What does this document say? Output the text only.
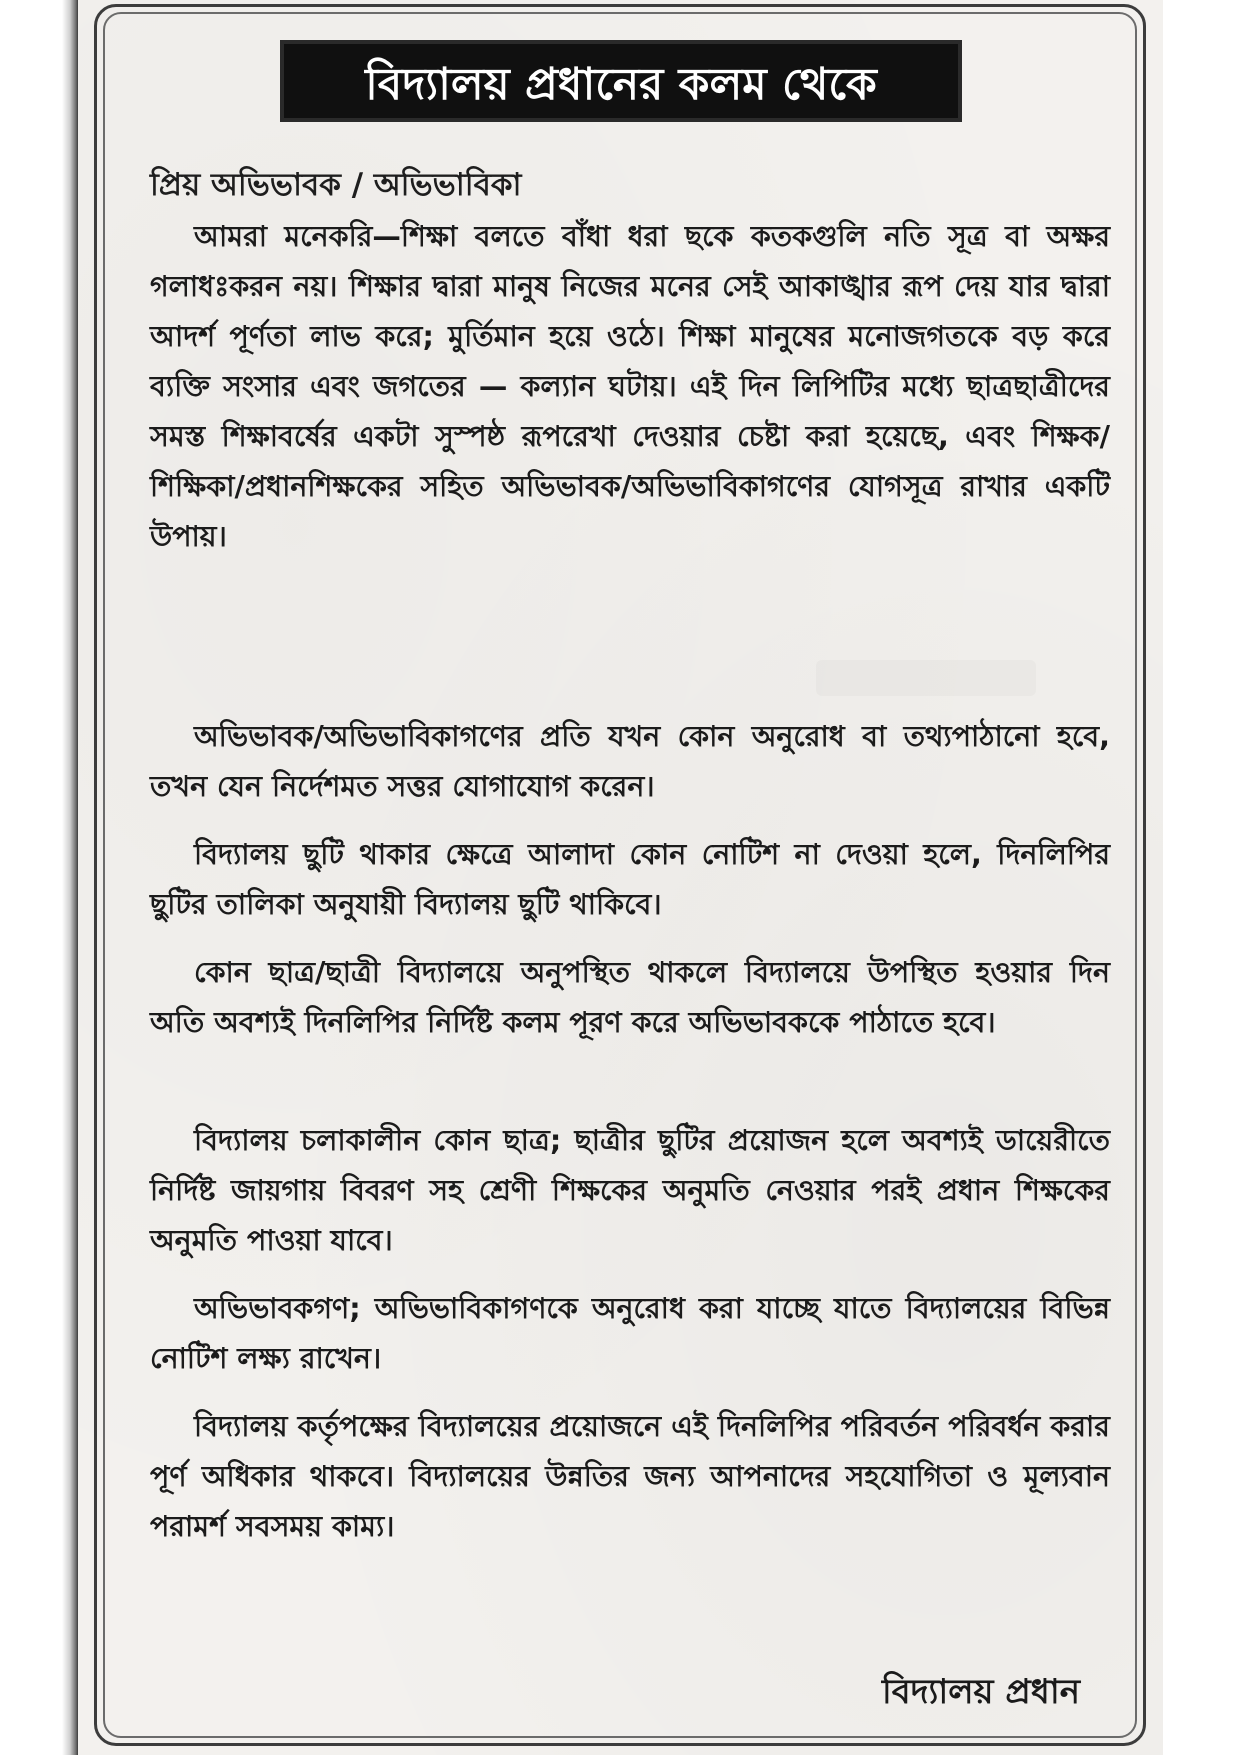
বিদ্যালয় প্রধানের কলম থেকে
প্রিয় অভিভাবক / অভিভাবিকা

আমরা মনেকরি—শিক্ষা বলতে বাঁধা ধরা ছকে কতকগুলি নতি সূত্র বা অক্ষর গলাধঃকরন নয়। শিক্ষার দ্বারা মানুষ নিজের মনের সেই আকাঙ্খার রূপ দেয় যার দ্বারা আদর্শ পূর্ণতা লাভ করে; মুর্তিমান হয়ে ওঠে। শিক্ষা মানুষের মনোজগতকে বড় করে ব্যক্তি সংসার এবং জগতের — কল্যান ঘটায়। এই দিন লিপিটির মধ্যে ছাত্রছাত্রীদের সমস্ত শিক্ষাবর্ষের একটা সুস্পষ্ঠ রূপরেখা দেওয়ার চেষ্টা করা হয়েছে, এবং শিক্ষক/শিক্ষিকা/প্রধানশিক্ষকের সহিত অভিভাবক/অভিভাবিকাগণের যোগসূত্র রাখার একটি উপায়।

অভিভাবক/অভিভাবিকাগণের প্রতি যখন কোন অনুরোধ বা তথ্যপাঠানো হবে, তখন যেন নির্দেশমত সত্তর যোগাযোগ করেন।

বিদ্যালয় ছুটি থাকার ক্ষেত্রে আলাদা কোন নোটিশ না দেওয়া হলে, দিনলিপির ছুটির তালিকা অনুযায়ী বিদ্যালয় ছুটি থাকিবে।

কোন ছাত্র/ছাত্রী বিদ্যালয়ে অনুপস্থিত থাকলে বিদ্যালয়ে উপস্থিত হওয়ার দিন অতি অবশ্যই দিনলিপির নির্দিষ্ট কলম পূরণ করে অভিভাবককে পাঠাতে হবে।

বিদ্যালয় চলাকালীন কোন ছাত্র; ছাত্রীর ছুটির প্রয়োজন হলে অবশ্যই ডায়েরীতে নির্দিষ্ট জায়গায় বিবরণ সহ শ্রেণী শিক্ষকের অনুমতি নেওয়ার পরই প্রধান শিক্ষকের অনুমতি পাওয়া যাবে।

অভিভাবকগণ; অভিভাবিকাগণকে অনুরোধ করা যাচ্ছে যাতে বিদ্যালয়ের বিভিন্ন নোটিশ লক্ষ্য রাখেন।

বিদ্যালয় কর্তৃপক্ষের বিদ্যালয়ের প্রয়োজনে এই দিনলিপির পরিবর্তন পরিবর্ধন করার পূর্ণ অধিকার থাকবে। বিদ্যালয়ের উন্নতির জন্য আপনাদের সহযোগিতা ও মূল্যবান পরামর্শ সবসময় কাম্য।

বিদ্যালয় প্রধান
